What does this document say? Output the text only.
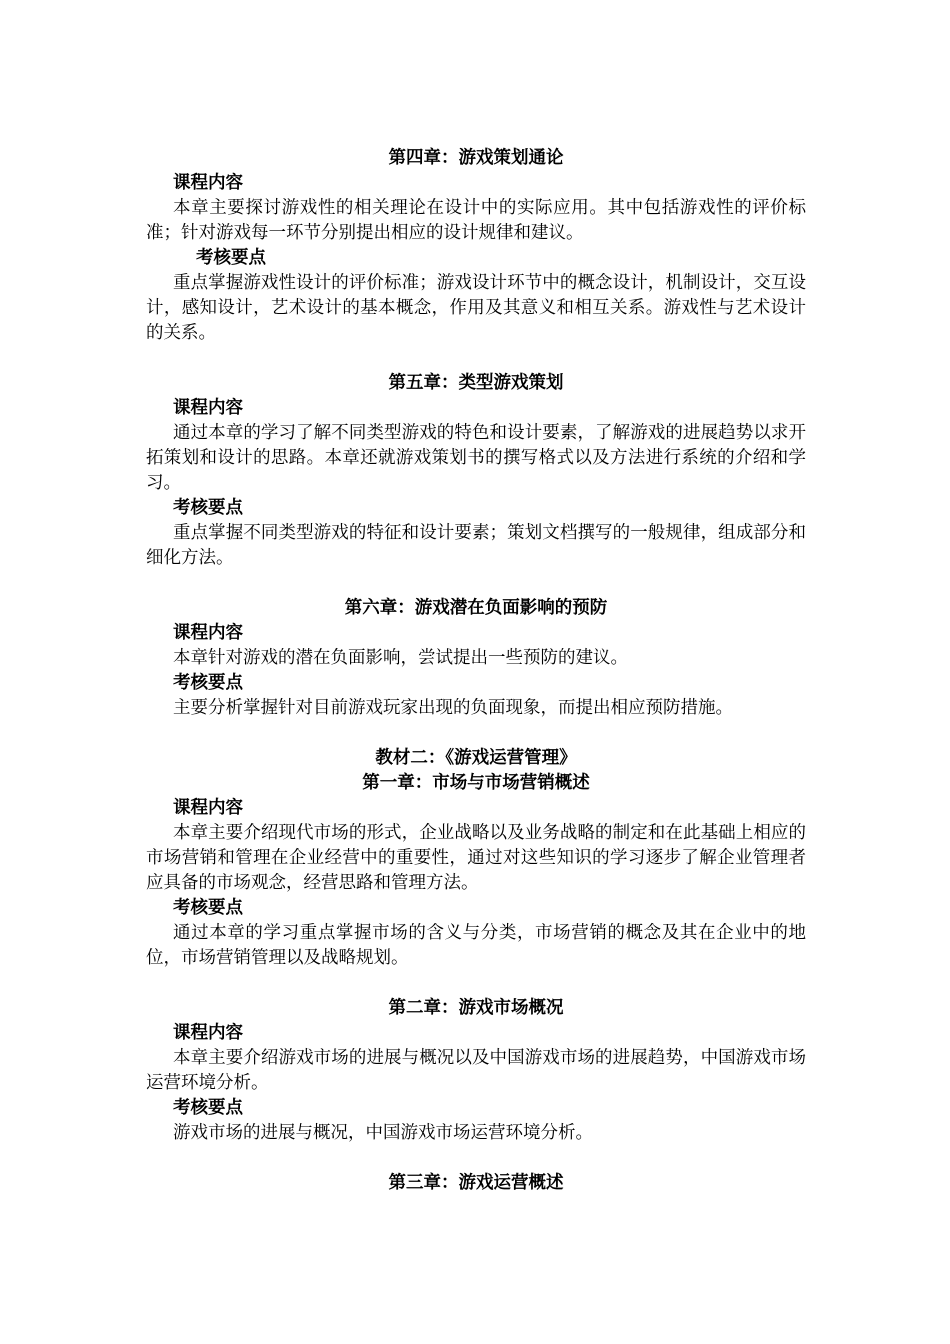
第四章：游戏策划通论
课程内容
本章主要探讨游戏性的相关理论在设计中的实际应用。其中包括游戏性的评价标准；针对游戏每一环节分别提出相应的设计规律和建议。
考核要点
重点掌握游戏性设计的评价标准；游戏设计环节中的概念设计，机制设计，交互设计，感知设计，艺术设计的基本概念，作用及其意义和相互关系。游戏性与艺术设计的关系。
第五章：类型游戏策划
课程内容
通过本章的学习了解不同类型游戏的特色和设计要素，了解游戏的进展趋势以求开拓策划和设计的思路。本章还就游戏策划书的撰写格式以及方法进行系统的介绍和学习。
考核要点
重点掌握不同类型游戏的特征和设计要素；策划文档撰写的一般规律，组成部分和细化方法。
第六章：游戏潜在负面影响的预防
课程内容
本章针对游戏的潜在负面影响，尝试提出一些预防的建议。
考核要点
主要分析掌握针对目前游戏玩家出现的负面现象，而提出相应预防措施。
教材二：《游戏运营管理》
第一章：市场与市场营销概述
课程内容
本章主要介绍现代市场的形式，企业战略以及业务战略的制定和在此基础上相应的市场营销和管理在企业经营中的重要性，通过对这些知识的学习逐步了解企业管理者应具备的市场观念，经营思路和管理方法。
考核要点
通过本章的学习重点掌握市场的含义与分类，市场营销的概念及其在企业中的地位，市场营销管理以及战略规划。
第二章：游戏市场概况
课程内容
本章主要介绍游戏市场的进展与概况以及中国游戏市场的进展趋势，中国游戏市场运营环境分析。
考核要点
游戏市场的进展与概况，中国游戏市场运营环境分析。
第三章：游戏运营概述
